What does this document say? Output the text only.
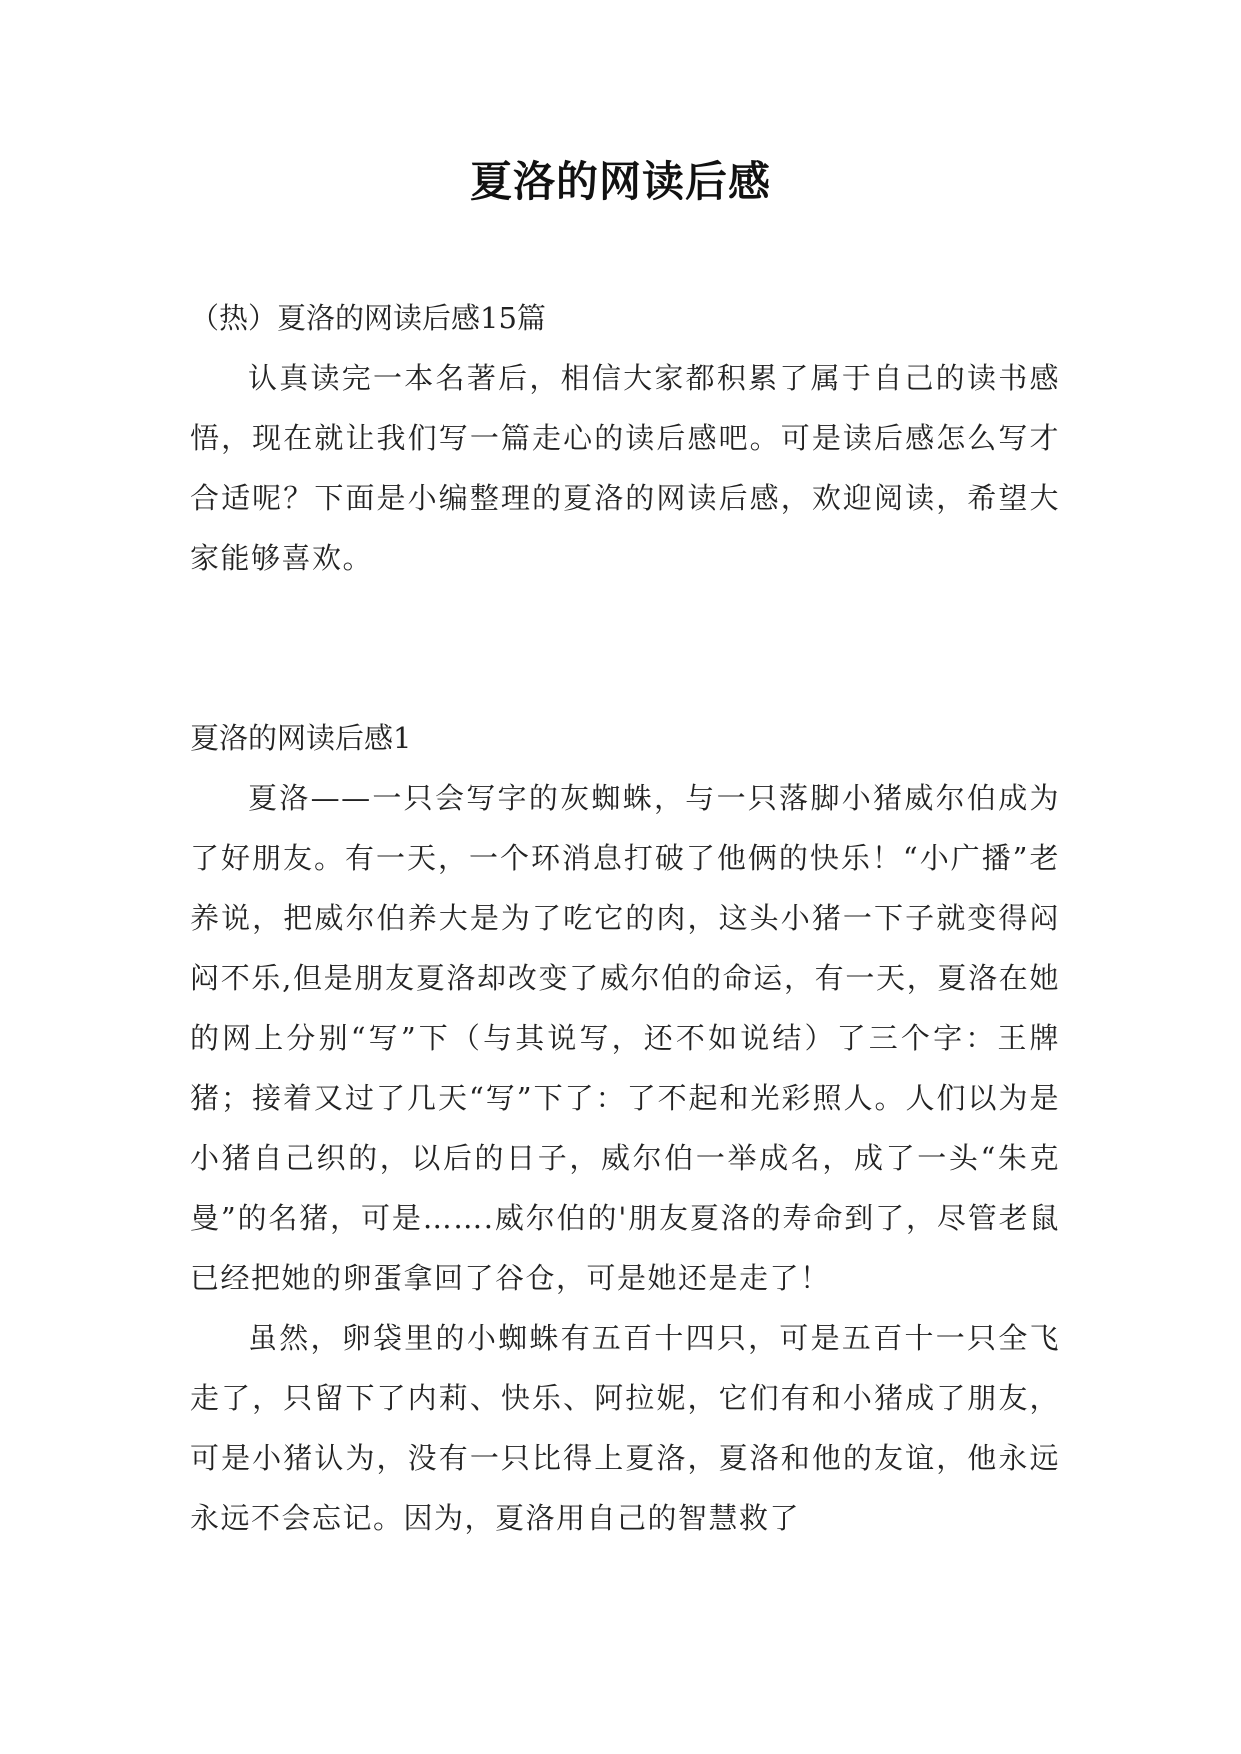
夏洛的网读后感

（热）夏洛的网读后感15篇

认真读完一本名著后，相信大家都积累了属于自己的读书感悟，现在就让我们写一篇走心的读后感吧。可是读后感怎么写才合适呢？下面是小编整理的夏洛的网读后感，欢迎阅读，希望大家能够喜欢。

夏洛的网读后感1

夏洛——一只会写字的灰蜘蛛，与一只落脚小猪威尔伯成为了好朋友。有一天，一个环消息打破了他俩的快乐！“小广播”老养说，把威尔伯养大是为了吃它的肉，这头小猪一下子就变得闷闷不乐,但是朋友夏洛却改变了威尔伯的命运，有一天，夏洛在她的网上分别“写”下（与其说写，还不如说结）了三个字：王牌猪；接着又过了几天“写”下了：了不起和光彩照人。人们以为是小猪自己织的，以后的日子，威尔伯一举成名，成了一头“朱克曼”的名猪，可是…….威尔伯的'朋友夏洛的寿命到了，尽管老鼠已经把她的卵蛋拿回了谷仓，可是她还是走了！

虽然，卵袋里的小蜘蛛有五百十四只，可是五百十一只全飞走了，只留下了内莉、快乐、阿拉妮，它们有和小猪成了朋友，可是小猪认为，没有一只比得上夏洛，夏洛和他的友谊，他永远永远不会忘记。因为，夏洛用自己的智慧救了
